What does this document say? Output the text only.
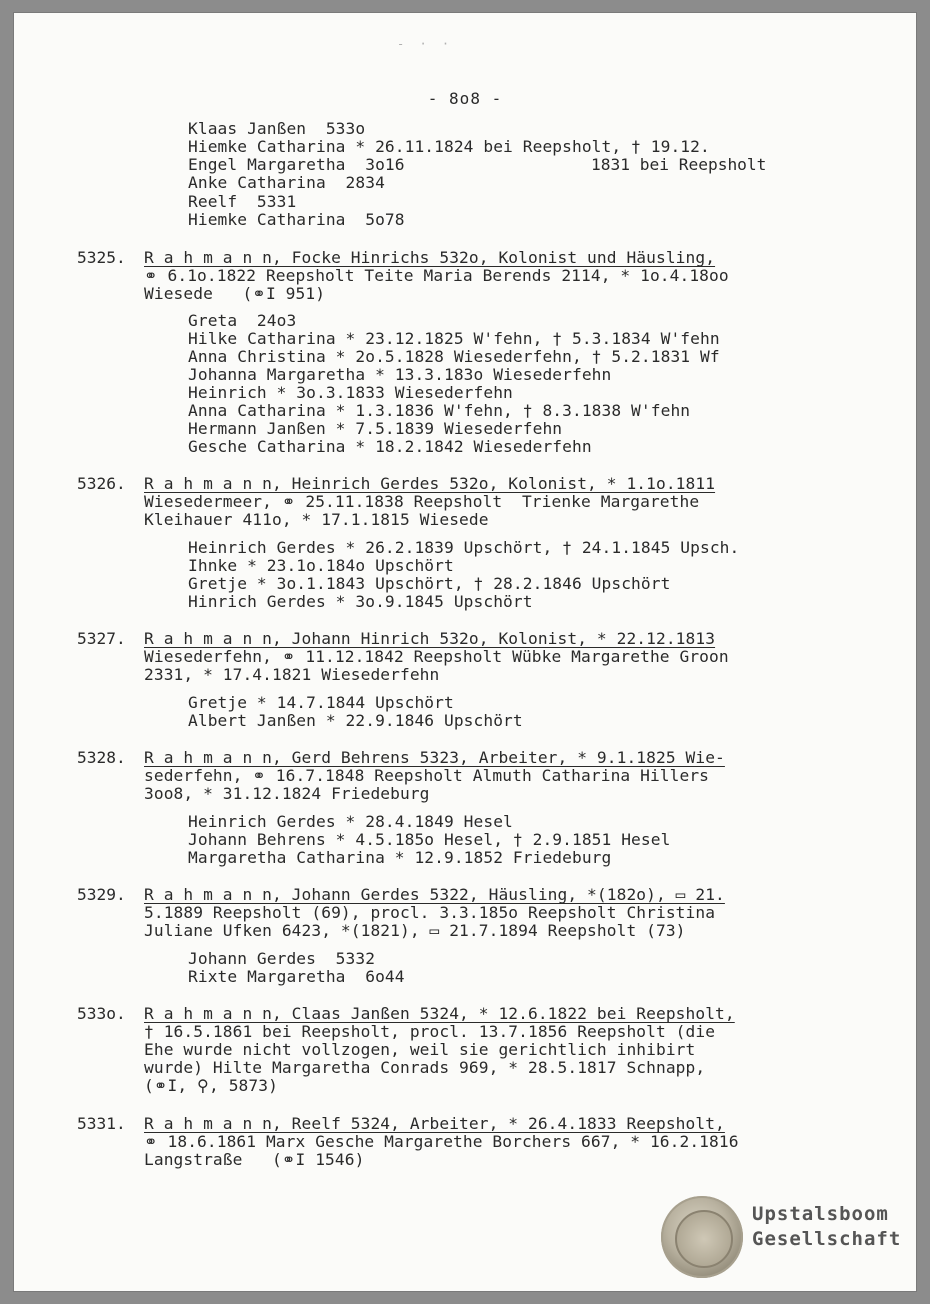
- · ·
- 8o8 -
Klaas Janßen  533o
Hiemke Catharina * 26.11.1824 bei Reepsholt, † 19.12.
Engel Margaretha  3o16	1831 bei Reepsholt
Anke Catharina  2834
Reelf  5331
Hiemke Catharina  5o78
5325. R a h m a n n, Focke Hinrichs 532o, Kolonist und Häusling,
⚭ 6.1o.1822 Reepsholt Teite Maria Berends 2114, * 1o.4.18oo
Wiesede   (⚭I 951)
Greta  24o3
Hilke Catharina * 23.12.1825 W'fehn, † 5.3.1834 W'fehn
Anna Christina * 2o.5.1828 Wiesederfehn, † 5.2.1831 Wf
Johanna Margaretha * 13.3.183o Wiesederfehn
Heinrich * 3o.3.1833 Wiesederfehn
Anna Catharina * 1.3.1836 W'fehn, † 8.3.1838 W'fehn
Hermann Janßen * 7.5.1839 Wiesederfehn
Gesche Catharina * 18.2.1842 Wiesederfehn
5326. R a h m a n n, Heinrich Gerdes 532o, Kolonist, * 1.1o.1811
Wiesedermeer, ⚭ 25.11.1838 Reepsholt  Trienke Margarethe
Kleihauer 411o, * 17.1.1815 Wiesede
Heinrich Gerdes * 26.2.1839 Upschört, † 24.1.1845 Upsch.
Ihnke * 23.1o.184o Upschört
Gretje * 3o.1.1843 Upschört, † 28.2.1846 Upschört
Hinrich Gerdes * 3o.9.1845 Upschört
5327. R a h m a n n, Johann Hinrich 532o, Kolonist, * 22.12.1813
Wiesederfehn, ⚭ 11.12.1842 Reepsholt Wübke Margarethe Groon
2331, * 17.4.1821 Wiesederfehn
Gretje * 14.7.1844 Upschört
Albert Janßen * 22.9.1846 Upschört
5328. R a h m a n n, Gerd Behrens 5323, Arbeiter, * 9.1.1825 Wie-
sederfehn, ⚭ 16.7.1848 Reepsholt Almuth Catharina Hillers
3oo8, * 31.12.1824 Friedeburg
Heinrich Gerdes * 28.4.1849 Hesel
Johann Behrens * 4.5.185o Hesel, † 2.9.1851 Hesel
Margaretha Catharina * 12.9.1852 Friedeburg
5329. R a h m a n n, Johann Gerdes 5322, Häusling, *(182o), ▭ 21.
5.1889 Reepsholt (69), procl. 3.3.185o Reepsholt Christina
Juliane Ufken 6423, *(1821), ▭ 21.7.1894 Reepsholt (73)
Johann Gerdes  5332
Rixte Margaretha  6o44
533o. R a h m a n n, Claas Janßen 5324, * 12.6.1822 bei Reepsholt,
† 16.5.1861 bei Reepsholt, procl. 13.7.1856 Reepsholt (die
Ehe wurde nicht vollzogen, weil sie gerichtlich inhibirt
wurde) Hilte Margaretha Conrads 969, * 28.5.1817 Schnapp,
(⚭I, ⚲, 5873)
5331. R a h m a n n, Reelf 5324, Arbeiter, * 26.4.1833 Reepsholt,
⚭ 18.6.1861 Marx Gesche Margarethe Borchers 667, * 16.2.1816
Langstraße   (⚭I 1546)
Upstalsboom
Gesellschaft
